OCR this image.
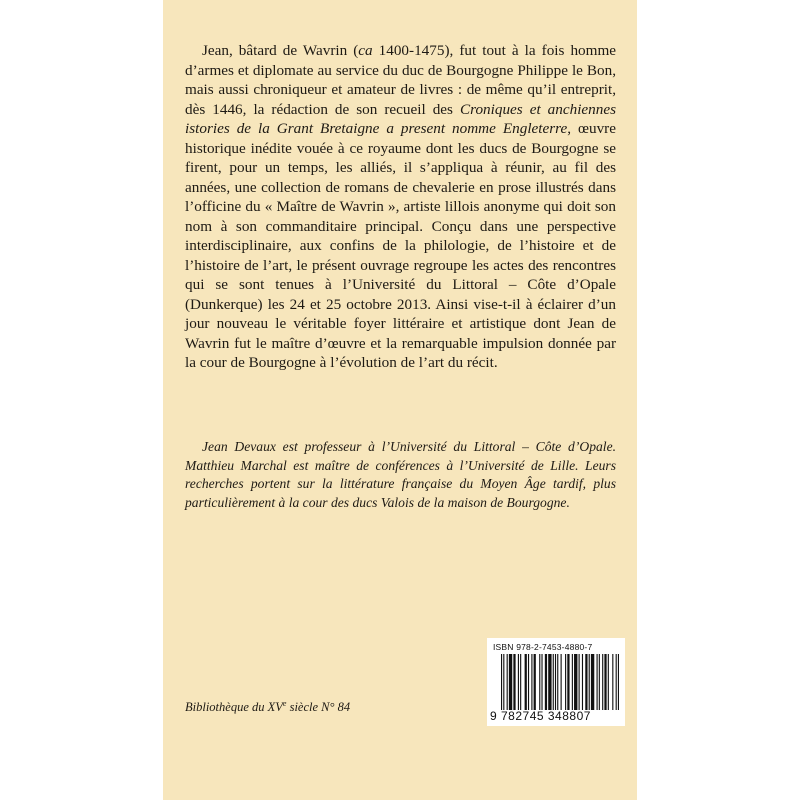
Jean, bâtard de Wavrin (ca 1400-1475), fut tout à la fois homme d’armes et diplomate au service du duc de Bourgogne Philippe le Bon, mais aussi chroniqueur et amateur de livres : de même qu’il entreprit, dès 1446, la rédaction de son recueil des Croniques et anchiennes istories de la Grant Bretaigne a present nomme Engleterre, œuvre historique inédite vouée à ce royaume dont les ducs de Bourgogne se firent, pour un temps, les alliés, il s’appliqua à réunir, au fil des années, une collection de romans de chevalerie en prose illustrés dans l’officine du « Maître de Wavrin », artiste lillois anonyme qui doit son nom à son commanditaire principal. Conçu dans une perspective interdisciplinaire, aux confins de la philologie, de l’histoire et de l’histoire de l’art, le présent ouvrage regroupe les actes des rencontres qui se sont tenues à l’Université du Littoral – Côte d’Opale (Dunkerque) les 24 et 25 octobre 2013. Ainsi vise-t-il à éclairer d’un jour nouveau le véritable foyer littéraire et artistique dont Jean de Wavrin fut le maître d’œuvre et la remarquable impulsion donnée par la cour de Bourgogne à l’évolution de l’art du récit.

Jean Devaux est professeur à l’Université du Littoral – Côte d’Opale. Matthieu Marchal est maître de conférences à l’Université de Lille. Leurs recherches portent sur la littérature française du Moyen Âge tardif, plus particulièrement à la cour des ducs Valois de la maison de Bourgogne.

Bibliothèque du XVe siècle N° 84
ISBN 978-2-7453-4880-7
9 782745 348807
